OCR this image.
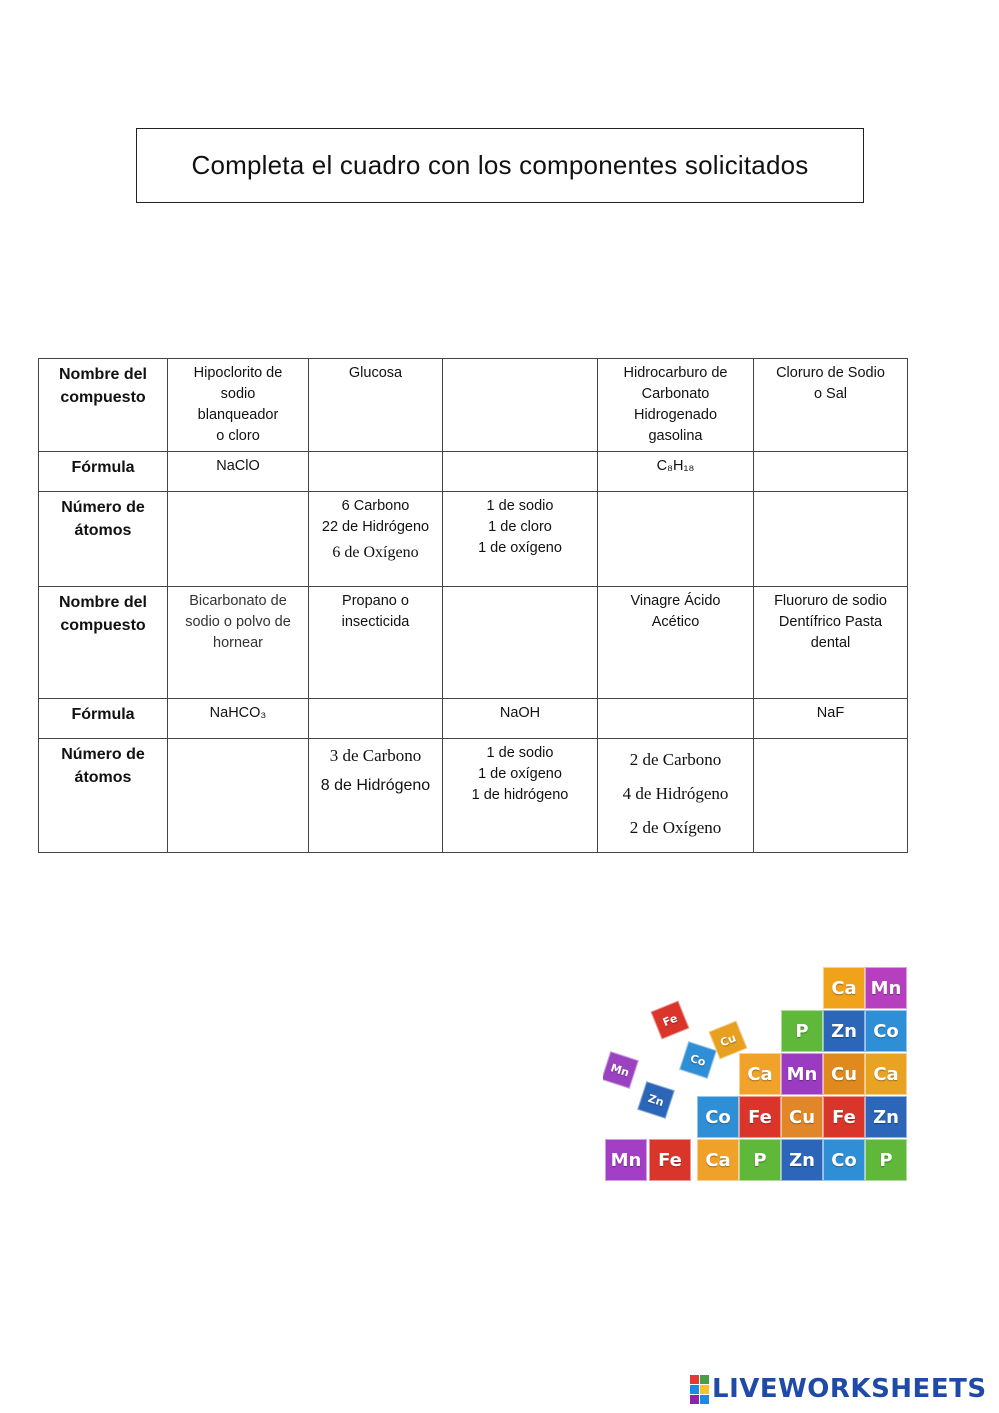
Completa el cuadro con los componentes solicitados
Nombre del
compuesto	Hipoclorito de
sodio
blanqueador
o cloro	Glucosa		Hidrocarburo de
Carbonato
Hidrogenado
gasolina	Cloruro de Sodio
o Sal

Fórmula	NaClO			C₈H₁₈	

Número de
átomos		6 Carbono
22 de Hidrógeno
6 de Oxígeno	1 de sodio
1 de cloro
1 de oxígeno		

Nombre del
compuesto	Bicarbonato de
sodio o polvo de
hornear	Propano o
insecticida		Vinagre Ácido
Acético	Fluoruro de sodio
Dentífrico Pasta
dental

Fórmula	NaHCO₃		NaOH		NaF

Número de
átomos		3 de Carbono
8 de Hidrógeno	1 de sodio
1 de oxígeno
1 de hidrógeno	2 de Carbono
4 de Hidrógeno
2 de Oxígeno	

Ca Mn
P	Zn Co
Ca Mn Cu Ca
Co Fe Cu Fe Zn
Mn Fe	Ca	P	Zn Co	P
Mn
Fe
Co
Cu
Zn
LIVEWORKSHEETS
